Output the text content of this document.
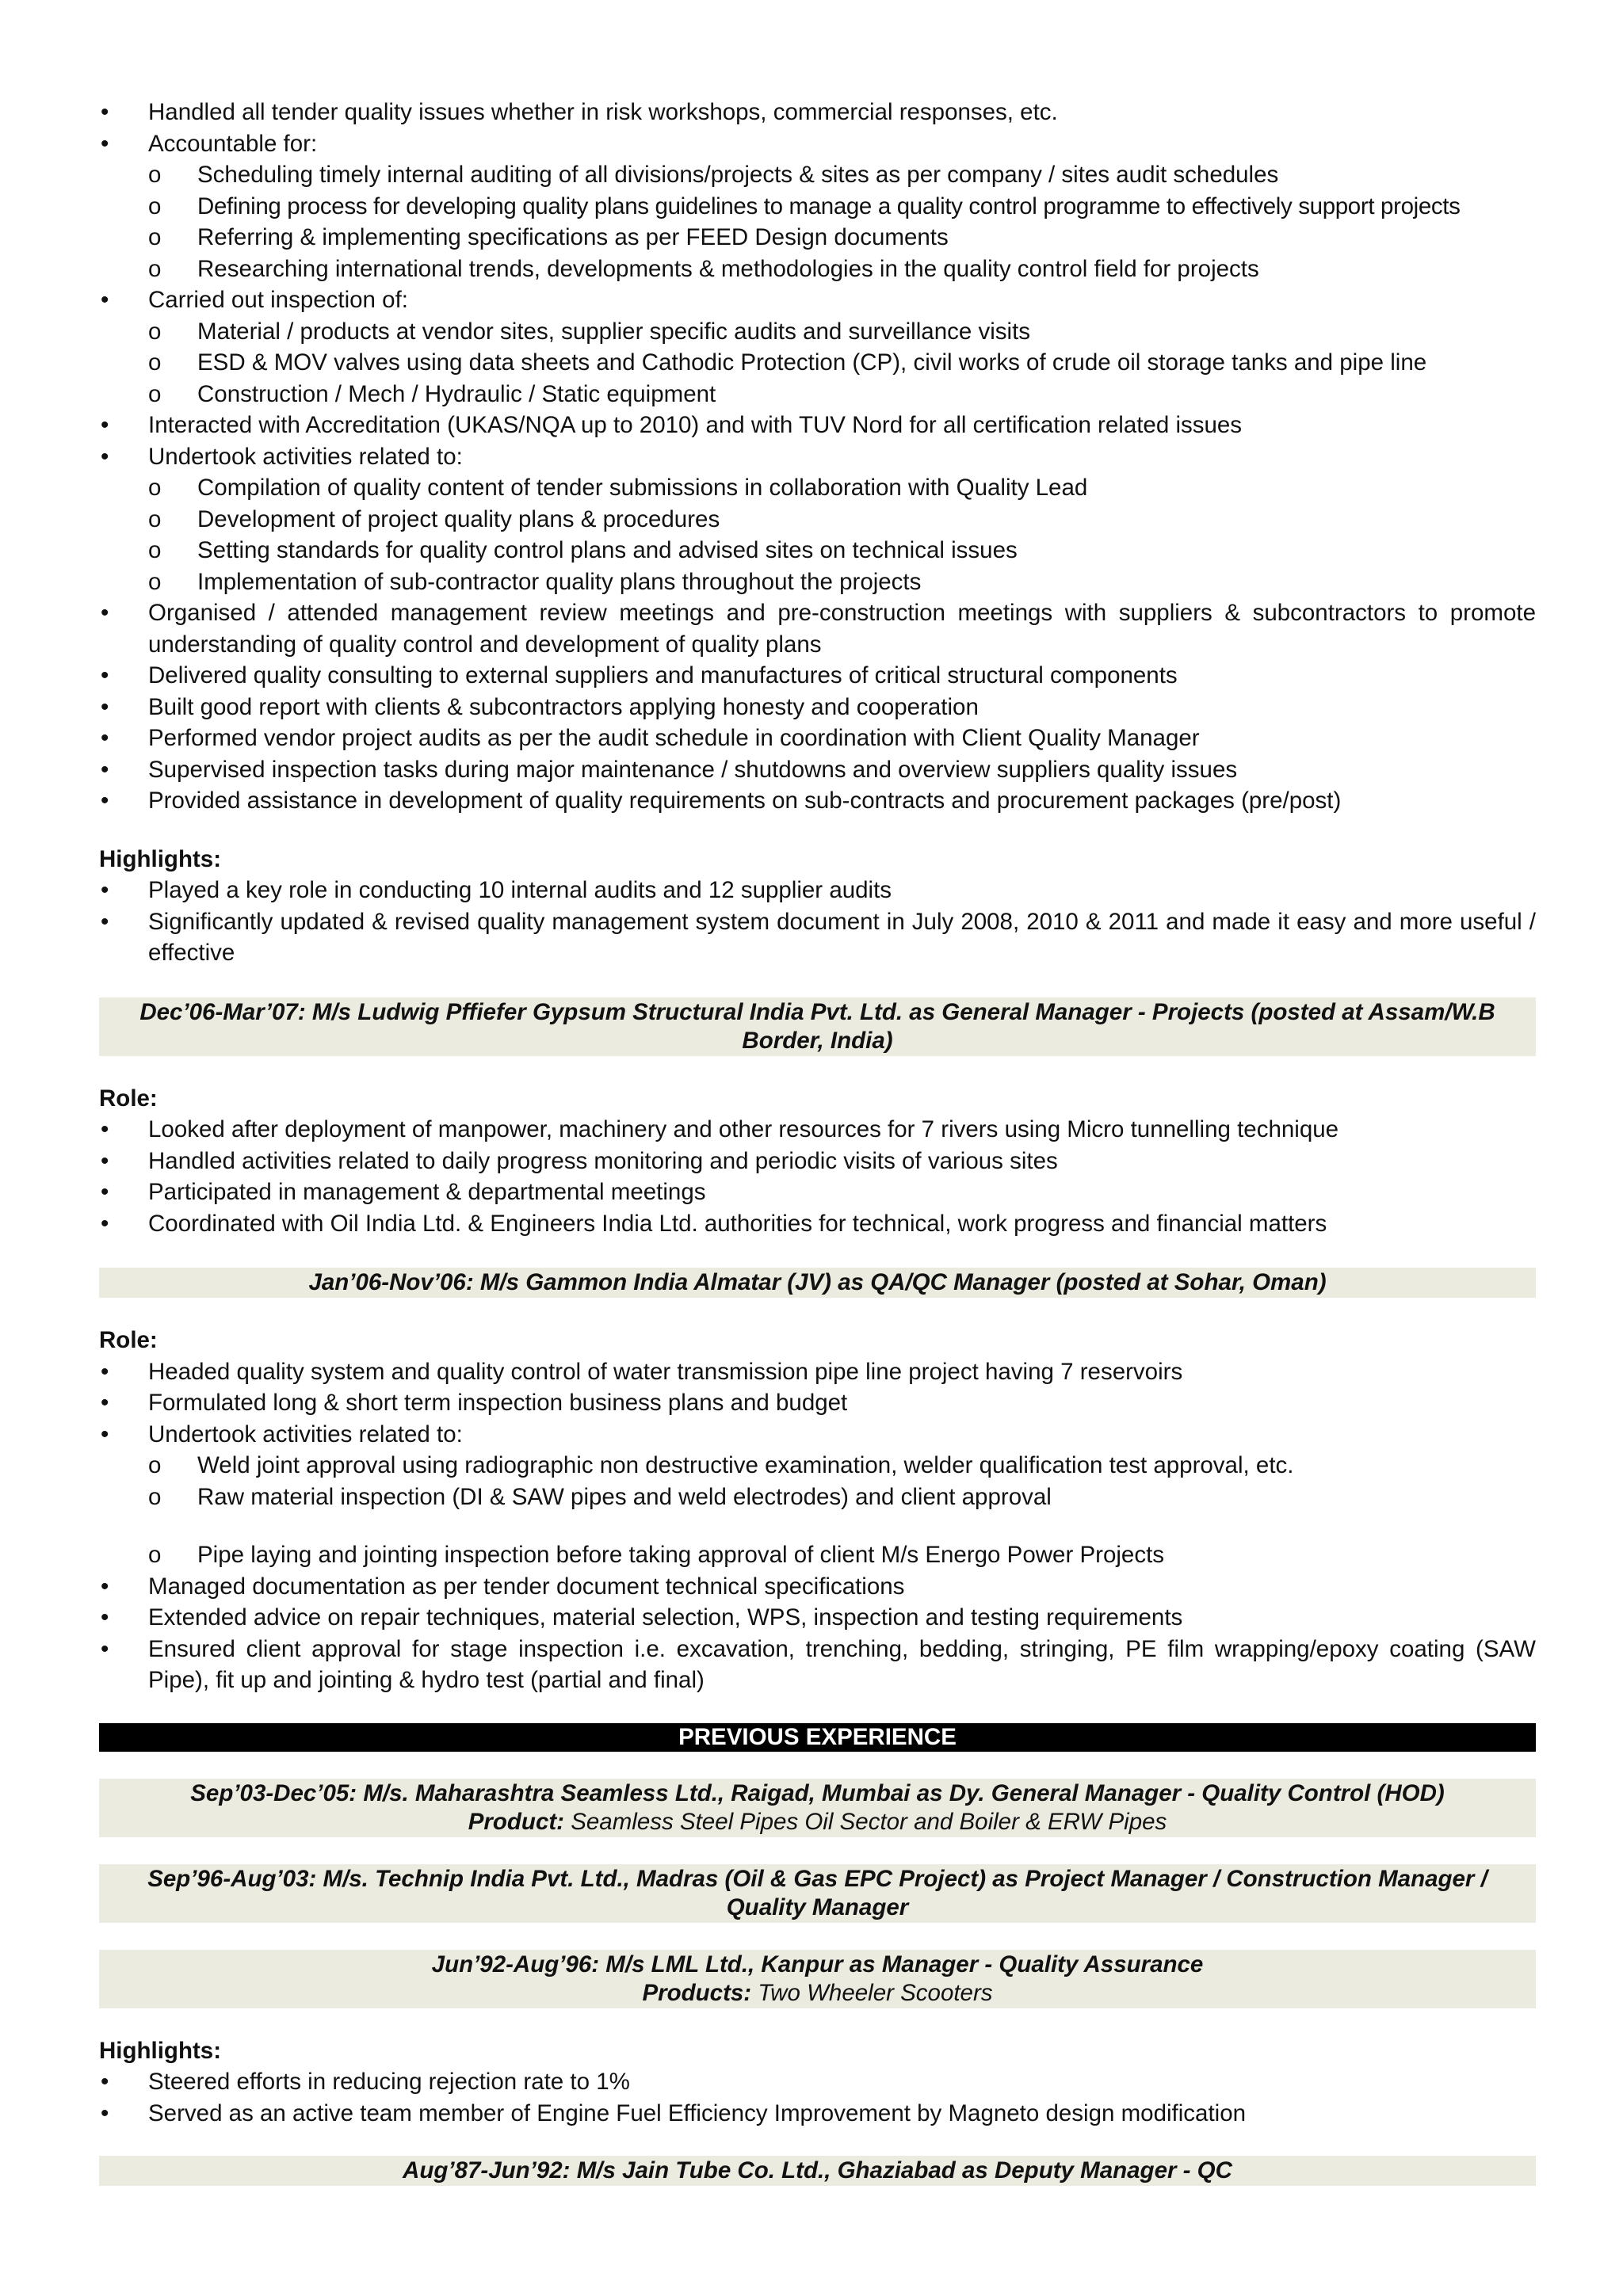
• Handled all tender quality issues whether in risk workshops, commercial responses, etc.
• Accountable for:
o Scheduling timely internal auditing of all divisions/projects & sites as per company / sites audit schedules
o Defining process for developing quality plans guidelines to manage a quality control programme to effectively support projects
o Referring & implementing specifications as per FEED Design documents
o Researching international trends, developments & methodologies in the quality control field for projects
• Carried out inspection of:
o Material / products at vendor sites, supplier specific audits and surveillance visits
o ESD & MOV valves using data sheets and Cathodic Protection (CP), civil works of crude oil storage tanks and pipe line
o Construction / Mech / Hydraulic / Static equipment
• Interacted with Accreditation (UKAS/NQA up to 2010) and with TUV Nord for all certification related issues
• Undertook activities related to:
o Compilation of quality content of tender submissions in collaboration with Quality Lead
o Development of project quality plans & procedures
o Setting standards for quality control plans and advised sites on technical issues
o Implementation of sub-contractor quality plans throughout the projects
• Organised / attended management review meetings and pre-construction meetings with suppliers & subcontractors to promote understanding of quality control and development of quality plans
• Delivered quality consulting to external suppliers and manufactures of critical structural components
• Built good report with clients & subcontractors applying honesty and cooperation
• Performed vendor project audits as per the audit schedule in coordination with Client Quality Manager
• Supervised inspection tasks during major maintenance / shutdowns and overview suppliers quality issues
• Provided assistance in development of quality requirements on sub-contracts and procurement packages (pre/post)
Highlights:
• Played a key role in conducting 10 internal audits and 12 supplier audits
• Significantly updated & revised quality management system document in July 2008, 2010 & 2011 and made it easy and more useful / effective
Dec’06-Mar’07: M/s Ludwig Pffiefer Gypsum Structural India Pvt. Ltd. as General Manager - Projects (posted at Assam/W.B Border, India)
Role:
• Looked after deployment of manpower, machinery and other resources for 7 rivers using Micro tunnelling technique
• Handled activities related to daily progress monitoring and periodic visits of various sites
• Participated in management & departmental meetings
• Coordinated with Oil India Ltd. & Engineers India Ltd. authorities for technical, work progress and financial matters
Jan’06-Nov’06: M/s Gammon India Almatar (JV) as QA/QC Manager (posted at Sohar, Oman)
Role:
• Headed quality system and quality control of water transmission pipe line project having 7 reservoirs
• Formulated long & short term inspection business plans and budget
• Undertook activities related to:
o Weld joint approval using radiographic non destructive examination, welder qualification test approval, etc.
o Raw material inspection (DI & SAW pipes and weld electrodes) and client approval
o Pipe laying and jointing inspection before taking approval of client M/s Energo Power Projects
• Managed documentation as per tender document technical specifications
• Extended advice on repair techniques, material selection, WPS, inspection and testing requirements
• Ensured client approval for stage inspection i.e. excavation, trenching, bedding, stringing, PE film wrapping/epoxy coating (SAW Pipe), fit up and jointing & hydro test (partial and final)
PREVIOUS EXPERIENCE
Sep’03-Dec’05: M/s. Maharashtra Seamless Ltd., Raigad, Mumbai as Dy. General Manager - Quality Control (HOD)
Product: Seamless Steel Pipes Oil Sector and Boiler & ERW Pipes
Sep’96-Aug’03: M/s. Technip India Pvt. Ltd., Madras (Oil & Gas EPC Project) as Project Manager / Construction Manager / Quality Manager
Jun’92-Aug’96: M/s LML Ltd., Kanpur as Manager - Quality Assurance
Products: Two Wheeler Scooters
Highlights:
• Steered efforts in reducing rejection rate to 1%
• Served as an active team member of Engine Fuel Efficiency Improvement by Magneto design modification
Aug’87-Jun’92: M/s Jain Tube Co. Ltd., Ghaziabad as Deputy Manager - QC
